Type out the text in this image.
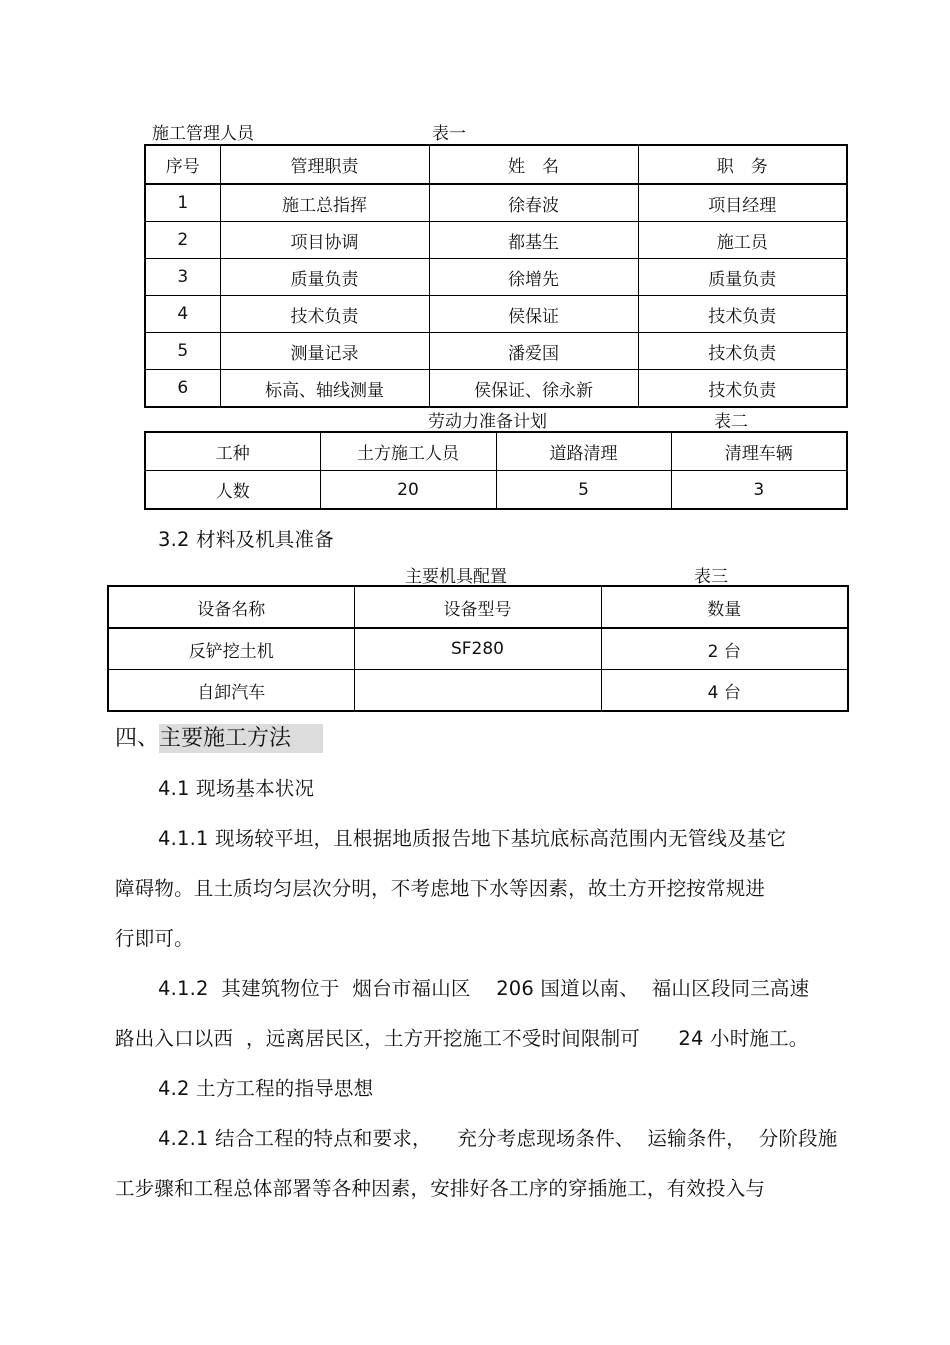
施工管理人员	表一
序号	管理职责	姓　名	职　务
1	施工总指挥	徐春波	项目经理
2	项目协调	都基生	施工员
3	质量负责	徐增先	质量负责
4	技术负责	侯保证	技术负责
5	测量记录	潘爱国	技术负责
6	标高、轴线测量	侯保证、徐永新	技术负责
劳动力准备计划	表二
工种	土方施工人员	道路清理	清理车辆
人数	20	5	3
3.2 材料及机具准备
主要机具配置	表三
设备名称	设备型号	数量
反铲挖土机	SF280	2 台
自卸汽车		4 台
四、主要施工方法
4.1 现场基本状况
4.1.1 现场较平坦，且根据地质报告地下基坑底标高范围内无管线及基它
障碍物。且土质均匀层次分明，不考虑地下水等因素，故土方开挖按常规进
行即可。
4.1.2  其建筑物位于  烟台市福山区    206 国道以南、  福山区段同三高速
路出入口以西  ，远离居民区，土方开挖施工不受时间限制可      24 小时施工。
4.2 土方工程的指导思想
4.2.1 结合工程的特点和要求，    充分考虑现场条件、  运输条件，  分阶段施
工步骤和工程总体部署等各种因素，安排好各工序的穿插施工，有效投入与
